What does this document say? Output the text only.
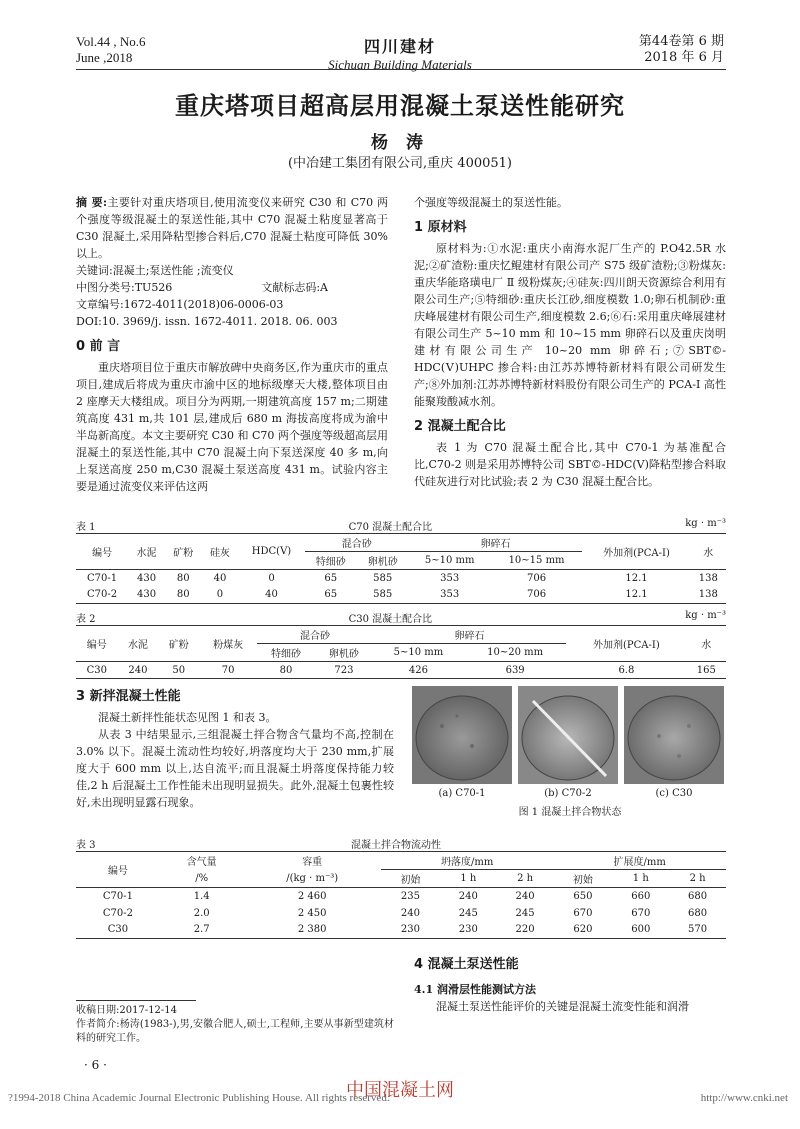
Vol.44 , No.6
June ,2018
四川建材
Sichuan Building Materials
第44卷第 6 期
2018 年 6 月
重庆塔项目超高层用混凝土泵送性能研究
杨 涛
(中冶建工集团有限公司,重庆 400051)
摘 要:主要针对重庆塔项目,使用流变仪来研究 C30 和 C70 两个强度等级混凝土的泵送性能,其中 C70 混凝土粘度显著高于 C30 混凝土,采用降粘型掺合料后,C70 混凝土粘度可降低 30% 以上。
关键词:混凝土;泵送性能 ;流变仪
中图分类号:TU526	文献标志码:A
文章编号:1672-4011(2018)06-0006-03
DOI:10. 3969/j. issn. 1672-4011. 2018. 06. 003
0 前 言

重庆塔项目位于重庆市解放碑中央商务区,作为重庆市的重点项目,建成后将成为重庆市渝中区的地标级摩天大楼,整体项目由 2 座摩天大楼组成。项目分为两期,一期建筑高度 157 m;二期建筑高度 431 m,共 101 层,建成后 680 m 海拔高度将成为渝中半岛新高度。本文主要研究 C30 和 C70 两个强度等级超高层用混凝土的泵送性能,其中 C70 混凝土向下泵送深度 40 多 m,向上泵送高度 250 m,C30 混凝土泵送高度 431 m。试验内容主要是通过流变仪来评估这两

个强度等级混凝土的泵送性能。
1 原材料

原材料为:①水泥:重庆小南海水泥厂生产的 P.O42.5R 水泥;②矿渣粉:重庆忆鲲建材有限公司产 S75 级矿渣粉;③粉煤灰:重庆华能珞璜电厂 Ⅱ 级粉煤灰;④硅灰:四川朗天资源综合利用有限公司生产;⑤特细砂:重庆长江砂,细度模数 1.0;卵石机制砂:重庆峰展建材有限公司生产,细度模数 2.6;⑥石:采用重庆峰展建材有限公司生产 5~10 mm 和 10~15 mm 卵碎石以及重庆岗明建材有限公司生产 10~20 mm 卵碎石;⑦SBT©-HDC(Ⅴ)UHPC 掺合料:由江苏苏博特新材料有限公司研发生产;⑧外加剂:江苏苏博特新材料股份有限公司生产的 PCA-Ⅰ 高性能聚羧酸减水剂。

2 混凝土配合比

表 1 为 C70 混凝土配合比,其中 C70-1 为基准配合比,C70-2 则是采用苏博特公司 SBT©-HDC(Ⅴ)降粘型掺合料取代硅灰进行对比试验;表 2 为 C30 混凝土配合比。

表 1	C70 混凝土配合比	kg · m⁻³
编号	水泥	矿粉	硅灰	HDC(Ⅴ)	混合砂		卵碎石		外加剂(PCA-Ⅰ)	水
					特细砂	卵机砂	5~10 mm	10~15 mm		
C70-1	430	80	40	0	65	585	353	706	12.1	138
C70-2	430	80	0	40	65	585	353	706	12.1	138
表 2	C30 混凝土配合比	kg · m⁻³
编号	水泥	矿粉	粉煤灰	混合砂		卵碎石		外加剂(PCA-Ⅰ)	水
				特细砂	卵机砂	5~10 mm	10~20 mm		
C30	240	50	70	80	723	426	639	6.8	165
3 新拌混凝土性能

混凝土新拌性能状态见图 1 和表 3。

从表 3 中结果显示,三组混凝土拌合物含气量均不高,控制在 3.0% 以下。混凝土流动性均较好,坍落度均大于 230 mm,扩展度大于 600 mm 以上,达自流平;而且混凝土坍落度保持能力较佳,2 h 后混凝土工作性能未出现明显损失。此外,混凝土包裹性较好,未出现明显露石现象。

(a) C70-1	(b) C70-2	(c) C30
图 1 混凝土拌合物状态
表 3	混凝土拌合物流动性
编号	含气量	容重	坍落度/mm			扩展度/mm		
	/%	/(kg · m⁻³)	初始	1 h	2 h	初始	1 h	2 h
C70-1	1.4	2 460	235	240	240	650	660	680
C70-2	2.0	2 450	240	245	245	670	670	680
C30	2.7	2 380	230	230	220	620	600	570
4 混凝土泵送性能
4.1 润滑层性能测试方法

混凝土泵送性能评价的关键是混凝土流变性能和润滑

收稿日期:2017-12-14
作者简介:杨涛(1983-),男,安徽合肥人,硕士,工程师,主要从事新型建筑材料的研究工作。
· 6 ·
中国混凝土网
?1994-2018 China Academic Journal Electronic Publishing House. All rights reserved.	http://www.cnki.net
